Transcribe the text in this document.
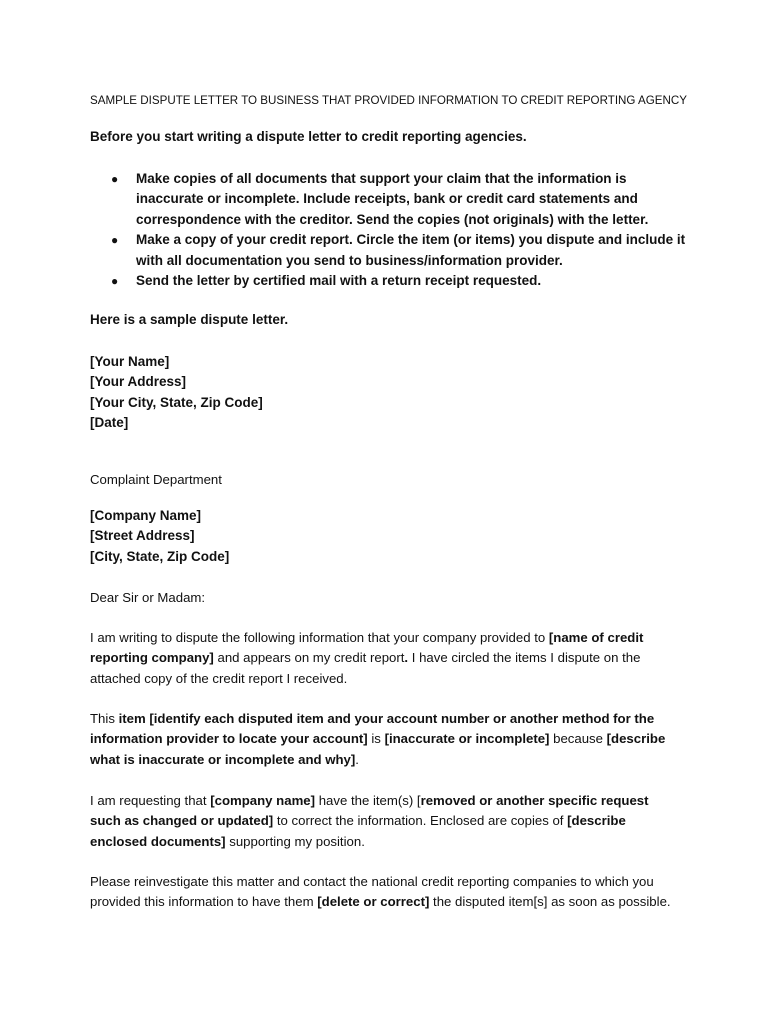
SAMPLE DISPUTE LETTER TO BUSINESS THAT PROVIDED INFORMATION TO CREDIT REPORTING AGENCY
Before you start writing a dispute letter to credit reporting agencies.
● Make copies of all documents that support your claim that the information is
inaccurate or incomplete. Include receipts, bank or credit card statements and
correspondence with the creditor. Send the copies (not originals) with the letter.
● Make a copy of your credit report. Circle the item (or items) you dispute and include it
with all documentation you send to business/information provider.
● Send the letter by certified mail with a return receipt requested.
Here is a sample dispute letter.
[Your Name]
[Your Address]
[Your City, State, Zip Code]
[Date]
Complaint Department
[Company Name]
[Street Address]
[City, State, Zip Code]
Dear Sir or Madam:
I am writing to dispute the following information that your company provided to [name of credit
reporting company] and appears on my credit report. I have circled the items I dispute on the
attached copy of the credit report I received.
This item [identify each disputed item and your account number or another method for the
information provider to locate your account] is [inaccurate or incomplete] because [describe
what is inaccurate or incomplete and why].
I am requesting that [company name] have the item(s) [removed or another specific request
such as changed or updated] to correct the information. Enclosed are copies of [describe
enclosed documents] supporting my position.
Please reinvestigate this matter and contact the national credit reporting companies to which you
provided this information to have them [delete or correct] the disputed item[s] as soon as possible.
